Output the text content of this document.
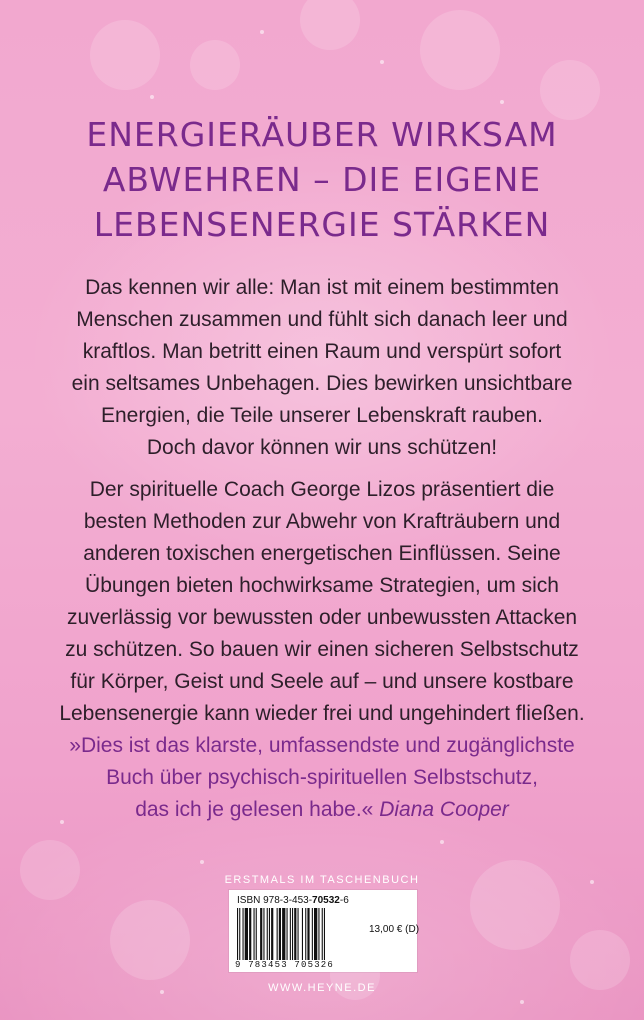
ENERGIERÄUBER WIRKSAM
ABWEHREN – DIE EIGENE
LEBENSENERGIE STÄRKEN

Das kennen wir alle: Man ist mit einem bestimmten
Menschen zusammen und fühlt sich danach leer und
kraftlos. Man betritt einen Raum und verspürt sofort
ein seltsames Unbehagen. Dies bewirken unsichtbare
Energien, die Teile unserer Lebenskraft rauben.
Doch davor können wir uns schützen!

Der spirituelle Coach George Lizos präsentiert die
besten Methoden zur Abwehr von Krafträubern und
anderen toxischen energetischen Einflüssen. Seine
Übungen bieten hochwirksame Strategien, um sich
zuverlässig vor bewussten oder unbewussten Attacken
zu schützen. So bauen wir einen sicheren Selbstschutz
für Körper, Geist und Seele auf – und unsere kostbare
Lebensenergie kann wieder frei und ungehindert fließen.

»Dies ist das klarste, umfassendste und zugänglichste
Buch über psychisch-spirituellen Selbstschutz,
das ich je gelesen habe.« Diana Cooper

ERSTMALS IM TASCHENBUCH
ISBN 978-3-453-70532-6
9 783453 705326
13,00 € (D)
WWW.HEYNE.DE
